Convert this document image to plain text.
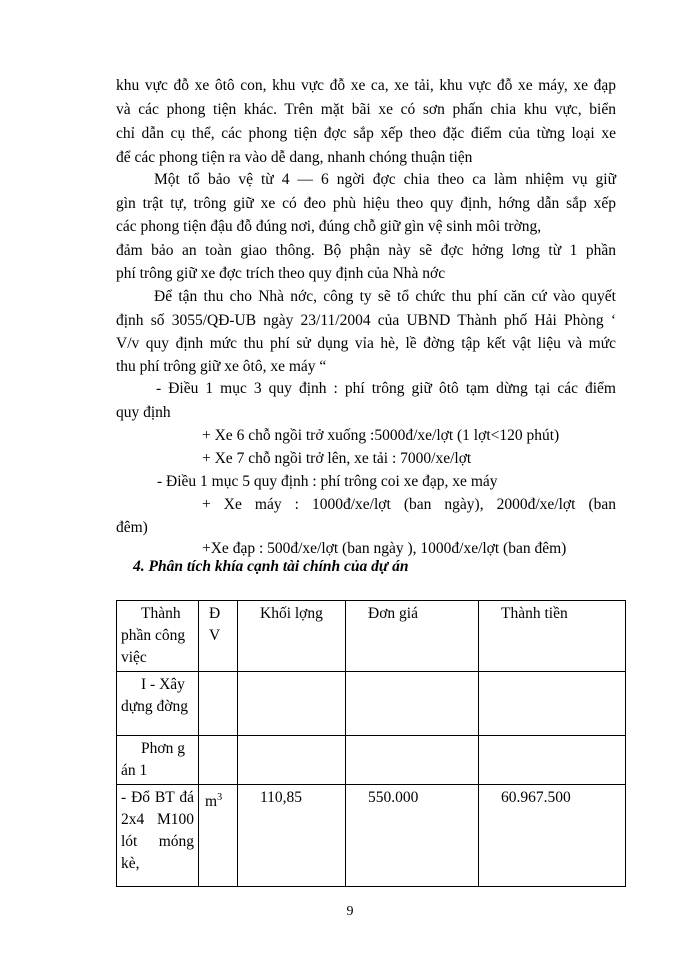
khu vực đỗ xe ôtô con, khu vực đỗ xe ca, xe tải, khu vực đỗ xe máy, xe đạp
và các phong tiện khác. Trên mặt bãi xe có sơn phấn chia khu vực, biển
chỉ dẫn cụ thể, các phong tiện đợc sắp xếp theo đặc điểm của từng loại xe
để các phong tiện ra vào dễ dang, nhanh chóng thuận tiện
Một tổ bảo vệ từ 4 — 6 ngời đợc chia theo ca làm nhiệm vụ giữ
gìn trật tự, trông giữ xe có đeo phù hiệu theo quy định, hớng dẫn sắp xếp
các phong tiện đậu đỗ đúng nơi, đúng chỗ giữ gìn vệ sinh môi trờng,
đảm bảo an toàn giao thông. Bộ phận này sẽ đợc hởng lơng từ 1 phần
phí trông giữ xe đợc trích theo quy định của Nhà nớc
Để tận thu cho Nhà nớc, công ty sẽ tổ chức thu phí căn cứ vào quyết
định số 3055/QĐ-UB ngày 23/11/2004 của UBND Thành phố Hải Phòng ‘
V/v quy định mức thu phí sử dụng vỉa hè, lề đờng tập kết vật liệu và mức
thu phí trông giữ xe ôtô, xe máy “
- Điều 1 mục 3 quy định : phí trông giữ ôtô tạm dừng tại các điểm
quy định
+ Xe 6 chỗ ngồi trở xuống :5000đ/xe/lợt (1 lợt<120 phút)
+ Xe 7 chỗ ngồi trở lên, xe tải : 7000/xe/lợt
- Điều 1 mục 5 quy định : phí trông coi xe đạp, xe máy
+ Xe máy : 1000đ/xe/lợt (ban ngày), 2000đ/xe/lợt (ban
đêm)
+Xe đạp : 500đ/xe/lợt (ban ngày ), 1000đ/xe/lợt (ban đêm)
4. Phân tích khía cạnh tài chính của dự án
Thành phần công việc	Đ V	Khối lợng	Đơn giá	Thành tiền
I - Xây dựng đờng				
Phơn g án 1				
- Đổ BT đá 2x4 M100 lót móng kè,	$m^3$	110,85	550.000	60.967.500
9
